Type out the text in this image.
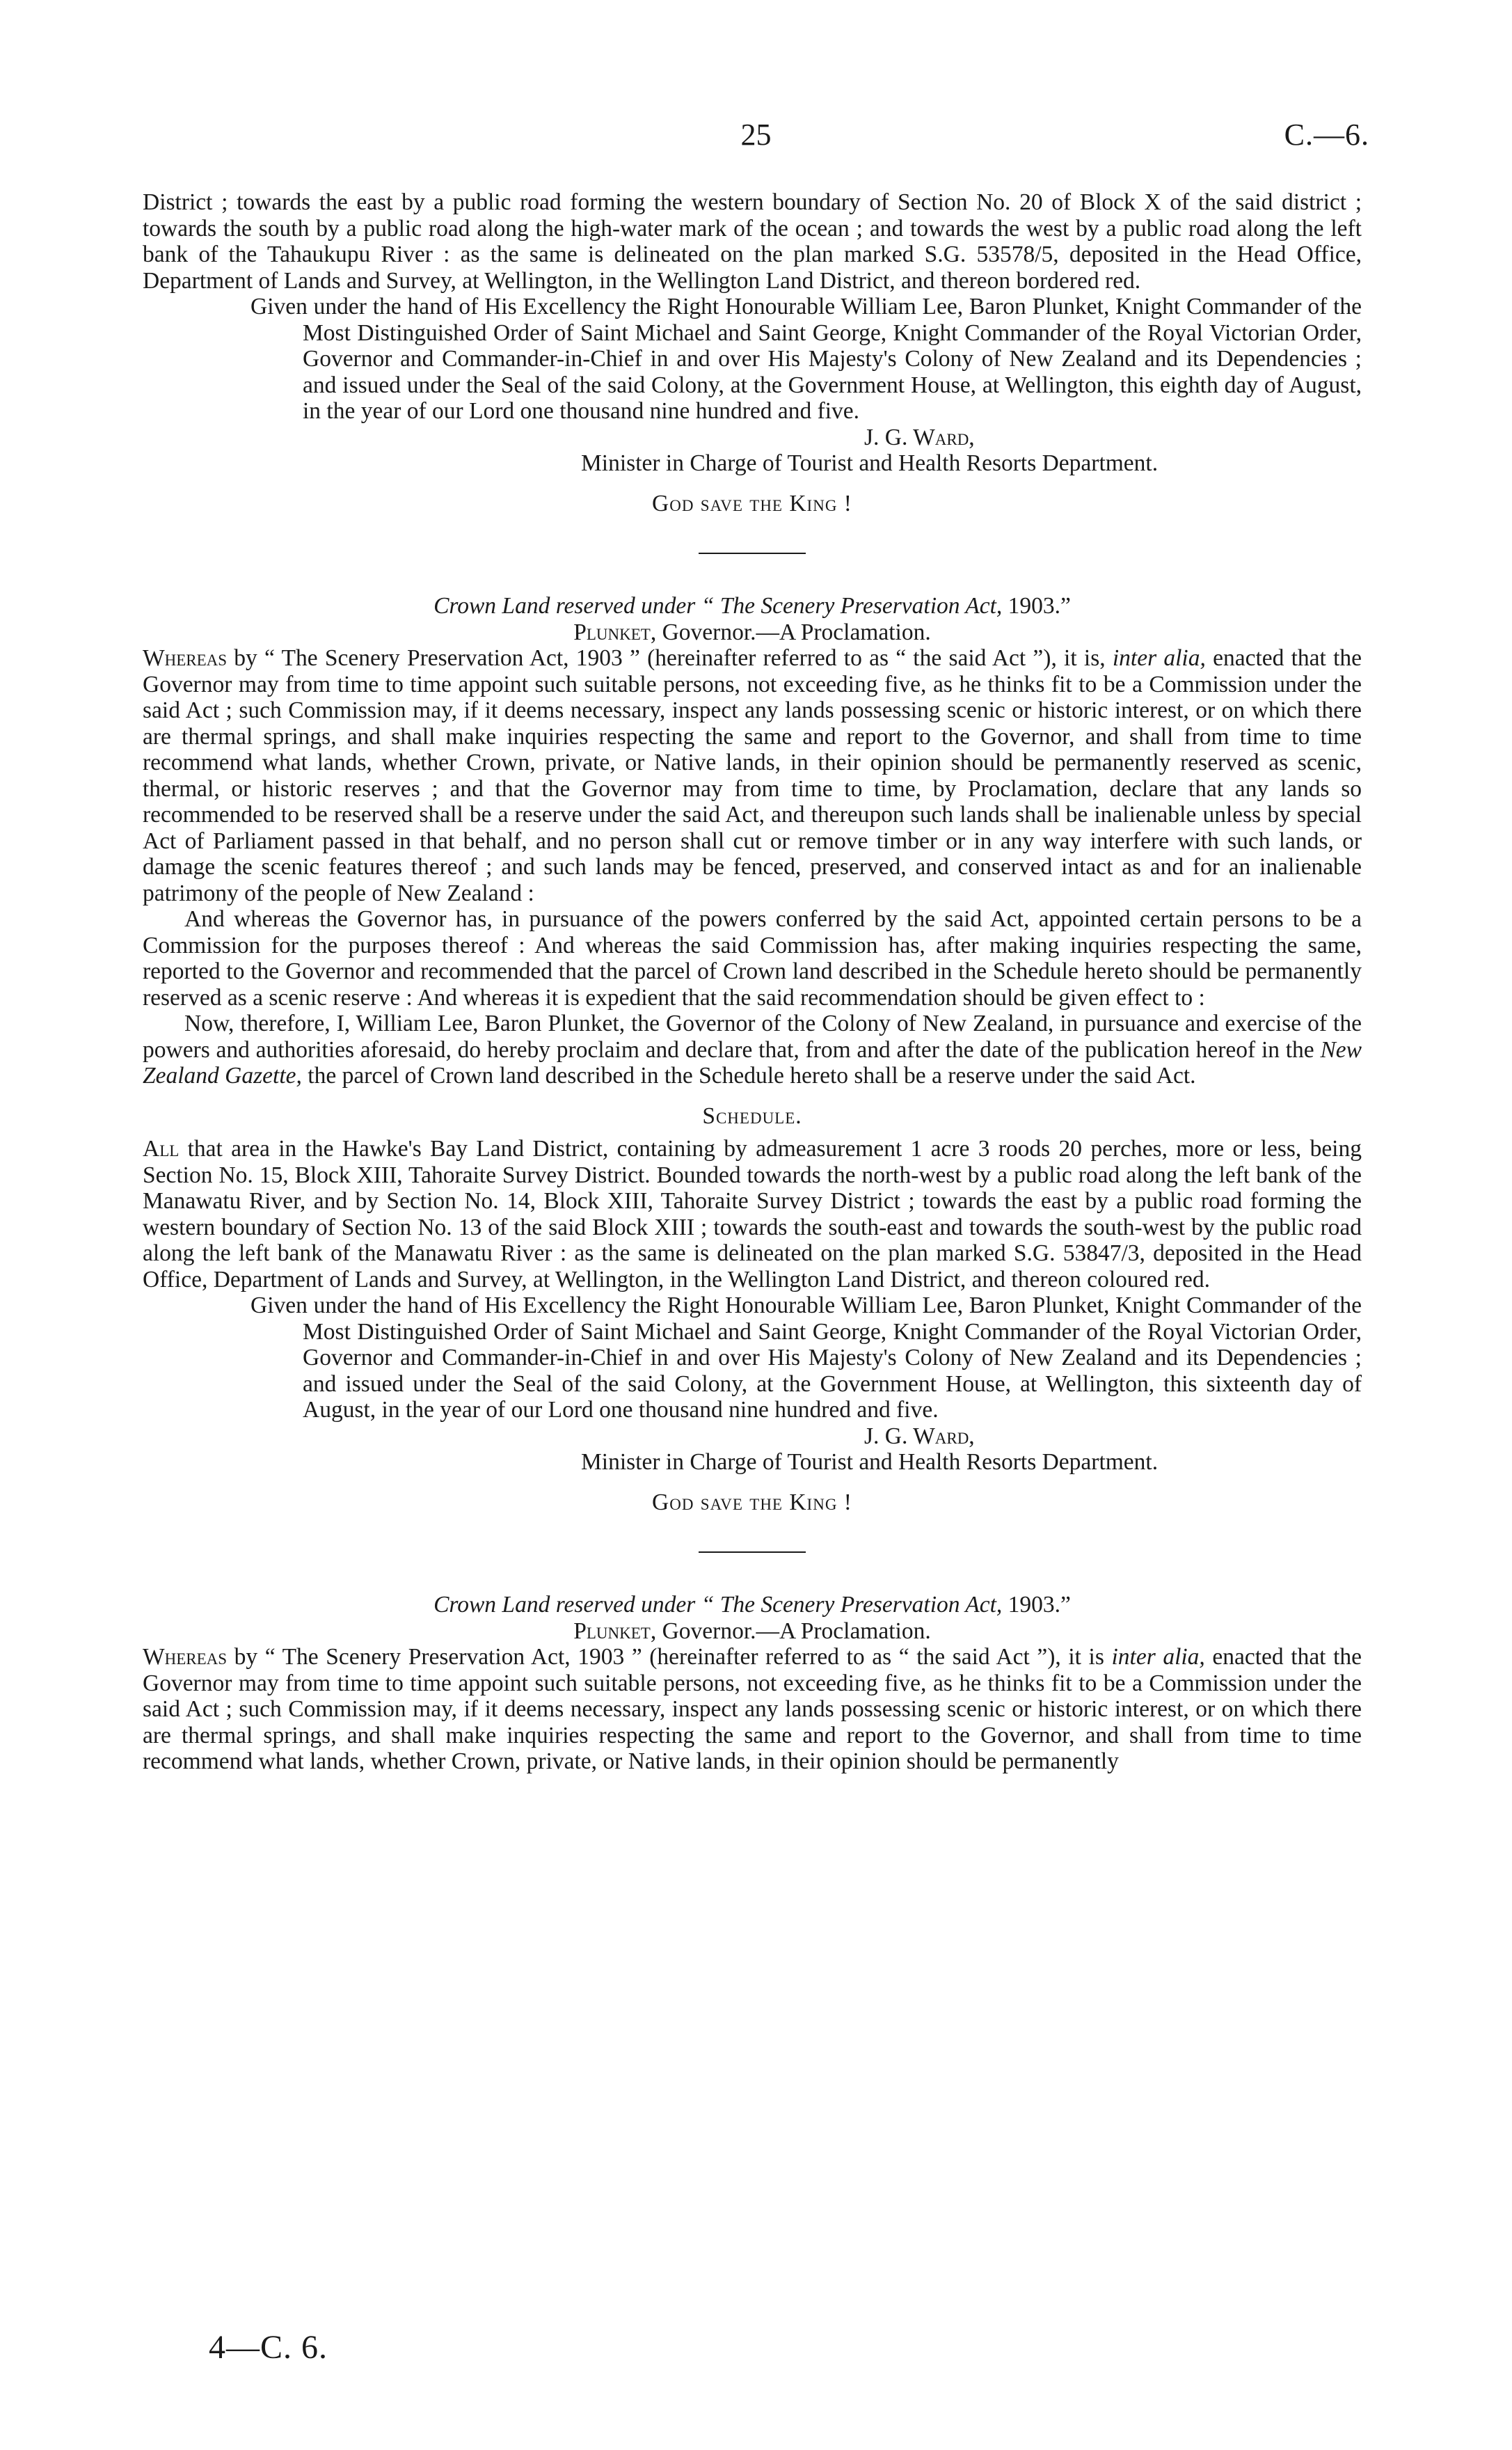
25	C.—6.

District ; towards the east by a public road forming the western boundary of Section No. 20 of Block X of the said district ; towards the south by a public road along the high-water mark of the ocean ; and towards the west by a public road along the left bank of the Tahaukupu River : as the same is delineated on the plan marked S.G. 53578/5, deposited in the Head Office, Department of Lands and Survey, at Wellington, in the Wellington Land District, and thereon bordered red.

Given under the hand of His Excellency the Right Honourable William Lee, Baron Plunket, Knight Commander of the Most Distinguished Order of Saint Michael and Saint George, Knight Commander of the Royal Victorian Order, Governor and Commander-in-Chief in and over His Majesty's Colony of New Zealand and its Dependencies ; and issued under the Seal of the said Colony, at the Government House, at Wellington, this eighth day of August, in the year of our Lord one thousand nine hundred and five.

J. G. Ward,

Minister in Charge of Tourist and Health Resorts Department.

God save the King !

Crown Land reserved under “ The Scenery Preservation Act, 1903.”

Plunket, Governor.—A Proclamation.

Whereas by “ The Scenery Preservation Act, 1903 ” (hereinafter referred to as “ the said Act ”), it is, inter alia, enacted that the Governor may from time to time appoint such suitable persons, not exceeding five, as he thinks fit to be a Commission under the said Act ; such Commission may, if it deems necessary, inspect any lands possessing scenic or historic interest, or on which there are thermal springs, and shall make inquiries respecting the same and report to the Governor, and shall from time to time recommend what lands, whether Crown, private, or Native lands, in their opinion should be permanently reserved as scenic, thermal, or historic reserves ; and that the Governor may from time to time, by Proclamation, declare that any lands so recommended to be reserved shall be a reserve under the said Act, and thereupon such lands shall be inalienable unless by special Act of Parliament passed in that behalf, and no person shall cut or remove timber or in any way interfere with such lands, or damage the scenic features thereof ; and such lands may be fenced, preserved, and conserved intact as and for an inalienable patrimony of the people of New Zealand :

And whereas the Governor has, in pursuance of the powers conferred by the said Act, appointed certain persons to be a Commission for the purposes thereof : And whereas the said Commission has, after making inquiries respecting the same, reported to the Governor and recommended that the parcel of Crown land described in the Schedule hereto should be permanently reserved as a scenic reserve : And whereas it is expedient that the said recommendation should be given effect to :

Now, therefore, I, William Lee, Baron Plunket, the Governor of the Colony of New Zealand, in pursuance and exercise of the powers and authorities aforesaid, do hereby proclaim and declare that, from and after the date of the publication hereof in the New Zealand Gazette, the parcel of Crown land described in the Schedule hereto shall be a reserve under the said Act.

Schedule.

All that area in the Hawke's Bay Land District, containing by admeasurement 1 acre 3 roods 20 perches, more or less, being Section No. 15, Block XIII, Tahoraite Survey District. Bounded towards the north-west by a public road along the left bank of the Manawatu River, and by Section No. 14, Block XIII, Tahoraite Survey District ; towards the east by a public road forming the western boundary of Section No. 13 of the said Block XIII ; towards the south-east and towards the south-west by the public road along the left bank of the Manawatu River : as the same is delineated on the plan marked S.G. 53847/3, deposited in the Head Office, Department of Lands and Survey, at Wellington, in the Wellington Land District, and thereon coloured red.

Given under the hand of His Excellency the Right Honourable William Lee, Baron Plunket, Knight Commander of the Most Distinguished Order of Saint Michael and Saint George, Knight Commander of the Royal Victorian Order, Governor and Commander-in-Chief in and over His Majesty's Colony of New Zealand and its Dependencies ; and issued under the Seal of the said Colony, at the Government House, at Wellington, this sixteenth day of August, in the year of our Lord one thousand nine hundred and five.

J. G. Ward,

Minister in Charge of Tourist and Health Resorts Department.

God save the King !

Crown Land reserved under “ The Scenery Preservation Act, 1903.”

Plunket, Governor.—A Proclamation.

Whereas by “ The Scenery Preservation Act, 1903 ” (hereinafter referred to as “ the said Act ”), it is inter alia, enacted that the Governor may from time to time appoint such suitable persons, not exceeding five, as he thinks fit to be a Commission under the said Act ; such Commission may, if it deems necessary, inspect any lands possessing scenic or historic interest, or on which there are thermal springs, and shall make inquiries respecting the same and report to the Governor, and shall from time to time recommend what lands, whether Crown, private, or Native lands, in their opinion should be permanently

4—C. 6.
